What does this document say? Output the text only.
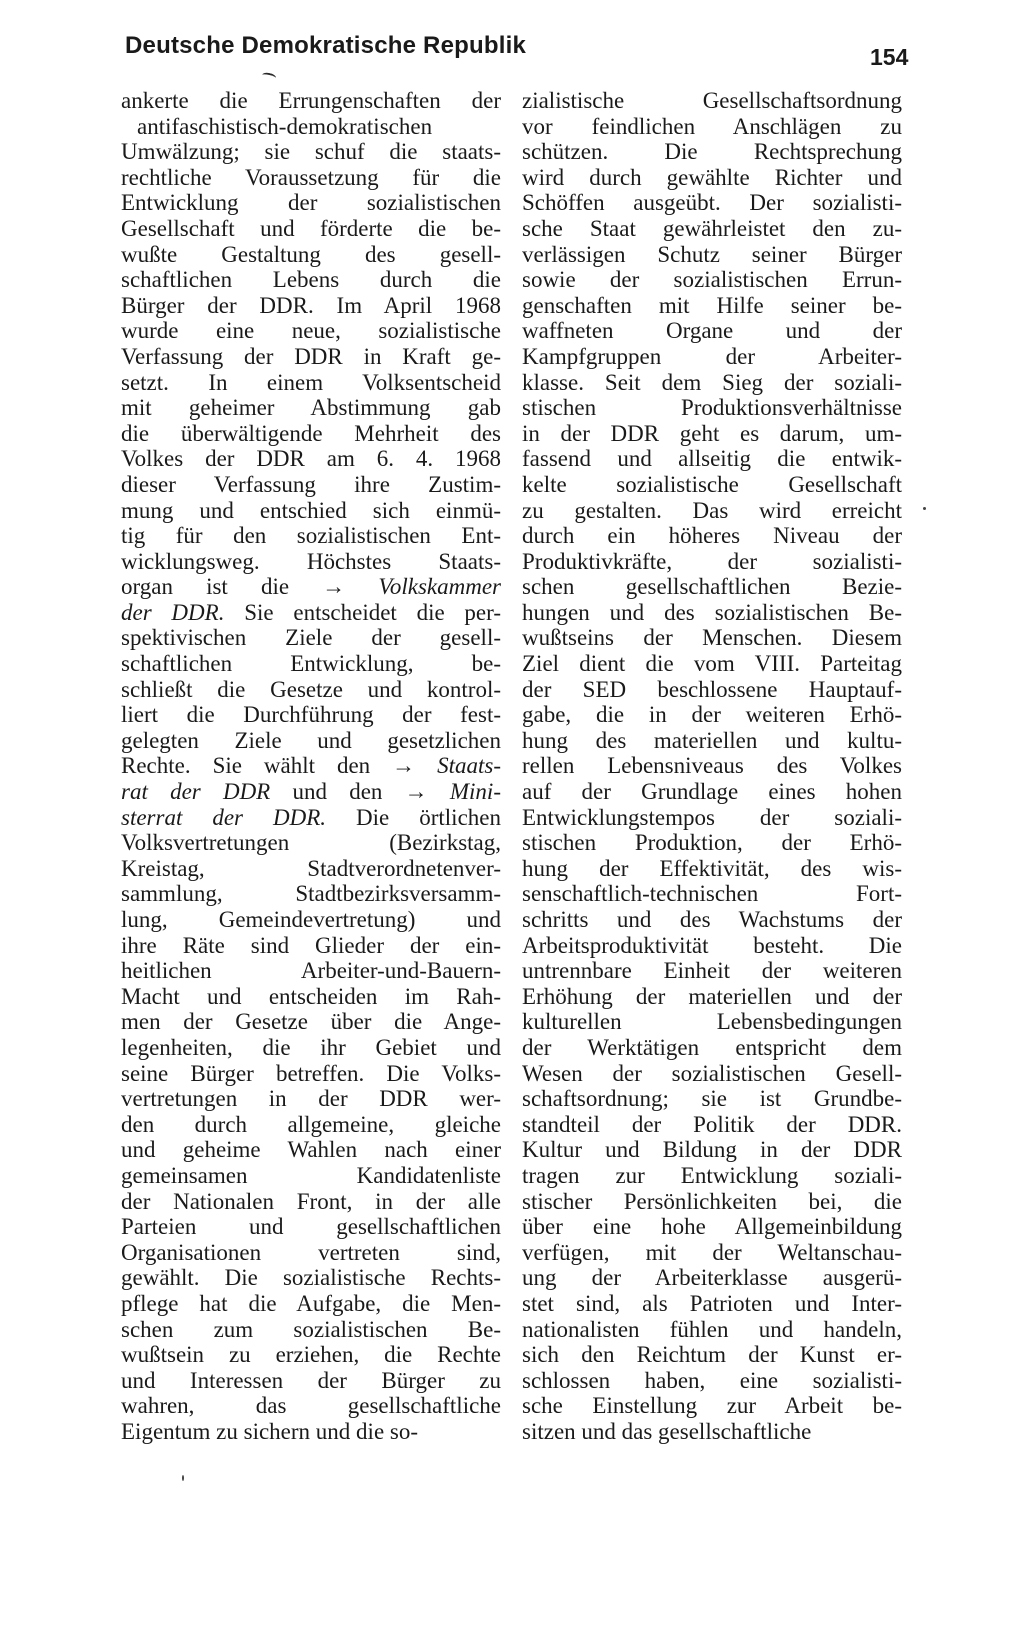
Deutsche Demokratische Republik	154
ankerte die Errungenschaften der
antifaschistisch-demokratischen
Umwälzung; sie schuf die staats-
rechtliche Voraussetzung für die
Entwicklung der sozialistischen
Gesellschaft und förderte die be-
wußte Gestaltung des gesell-
schaftlichen Lebens durch die
Bürger der DDR. Im April 1968
wurde eine neue, sozialistische
Verfassung der DDR in Kraft ge-
setzt. In einem Volksentscheid
mit geheimer Abstimmung gab
die überwältigende Mehrheit des
Volkes der DDR am 6. 4. 1968
dieser Verfassung ihre Zustim-
mung und entschied sich einmü-
tig für den sozialistischen Ent-
wicklungsweg. Höchstes Staats-
organ ist die → Volkskammer
der DDR. Sie entscheidet die per-
spektivischen Ziele der gesell-
schaftlichen Entwicklung, be-
schließt die Gesetze und kontrol-
liert die Durchführung der fest-
gelegten Ziele und gesetzlichen
Rechte. Sie wählt den → Staats-
rat der DDR und den → Mini-
sterrat der DDR. Die örtlichen
Volksvertretungen (Bezirkstag,
Kreistag, Stadtverordnetenver-
sammlung, Stadtbezirksversamm-
lung, Gemeindevertretung) und
ihre Räte sind Glieder der ein-
heitlichen Arbeiter-und-Bauern-
Macht und entscheiden im Rah-
men der Gesetze über die Ange-
legenheiten, die ihr Gebiet und
seine Bürger betreffen. Die Volks-
vertretungen in der DDR wer-
den durch allgemeine, gleiche
und geheime Wahlen nach einer
gemeinsamen Kandidatenliste
der Nationalen Front, in der alle
Parteien und gesellschaftlichen
Organisationen vertreten sind,
gewählt. Die sozialistische Rechts-
pflege hat die Aufgabe, die Men-
schen zum sozialistischen Be-
wußtsein zu erziehen, die Rechte
und Interessen der Bürger zu
wahren, das gesellschaftliche
Eigentum zu sichern und die so-
zialistische Gesellschaftsordnung
vor feindlichen Anschlägen zu
schützen. Die Rechtsprechung
wird durch gewählte Richter und
Schöffen ausgeübt. Der sozialisti-
sche Staat gewährleistet den zu-
verlässigen Schutz seiner Bürger
sowie der sozialistischen Errun-
genschaften mit Hilfe seiner be-
waffneten Organe und der
Kampfgruppen der Arbeiter-
klasse. Seit dem Sieg der soziali-
stischen Produktionsverhältnisse
in der DDR geht es darum, um-
fassend und allseitig die entwik-
kelte sozialistische Gesellschaft
zu gestalten. Das wird erreicht
durch ein höheres Niveau der
Produktivkräfte, der sozialisti-
schen gesellschaftlichen Bezie-
hungen und des sozialistischen Be-
wußtseins der Menschen. Diesem
Ziel dient die vom VIII. Parteitag
der SED beschlossene Hauptauf-
gabe, die in der weiteren Erhö-
hung des materiellen und kultu-
rellen Lebensniveaus des Volkes
auf der Grundlage eines hohen
Entwicklungstempos der soziali-
stischen Produktion, der Erhö-
hung der Effektivität, des wis-
senschaftlich-technischen Fort-
schritts und des Wachstums der
Arbeitsproduktivität besteht. Die
untrennbare Einheit der weiteren
Erhöhung der materiellen und der
kulturellen Lebensbedingungen
der Werktätigen entspricht dem
Wesen der sozialistischen Gesell-
schaftsordnung; sie ist Grundbe-
standteil der Politik der DDR.
Kultur und Bildung in der DDR
tragen zur Entwicklung soziali-
stischer Persönlichkeiten bei, die
über eine hohe Allgemeinbildung
verfügen, mit der Weltanschau-
ung der Arbeiterklasse ausgerü-
stet sind, als Patrioten und Inter-
nationalisten fühlen und handeln,
sich den Reichtum der Kunst er-
schlossen haben, eine sozialisti-
sche Einstellung zur Arbeit be-
sitzen und das gesellschaftliche
